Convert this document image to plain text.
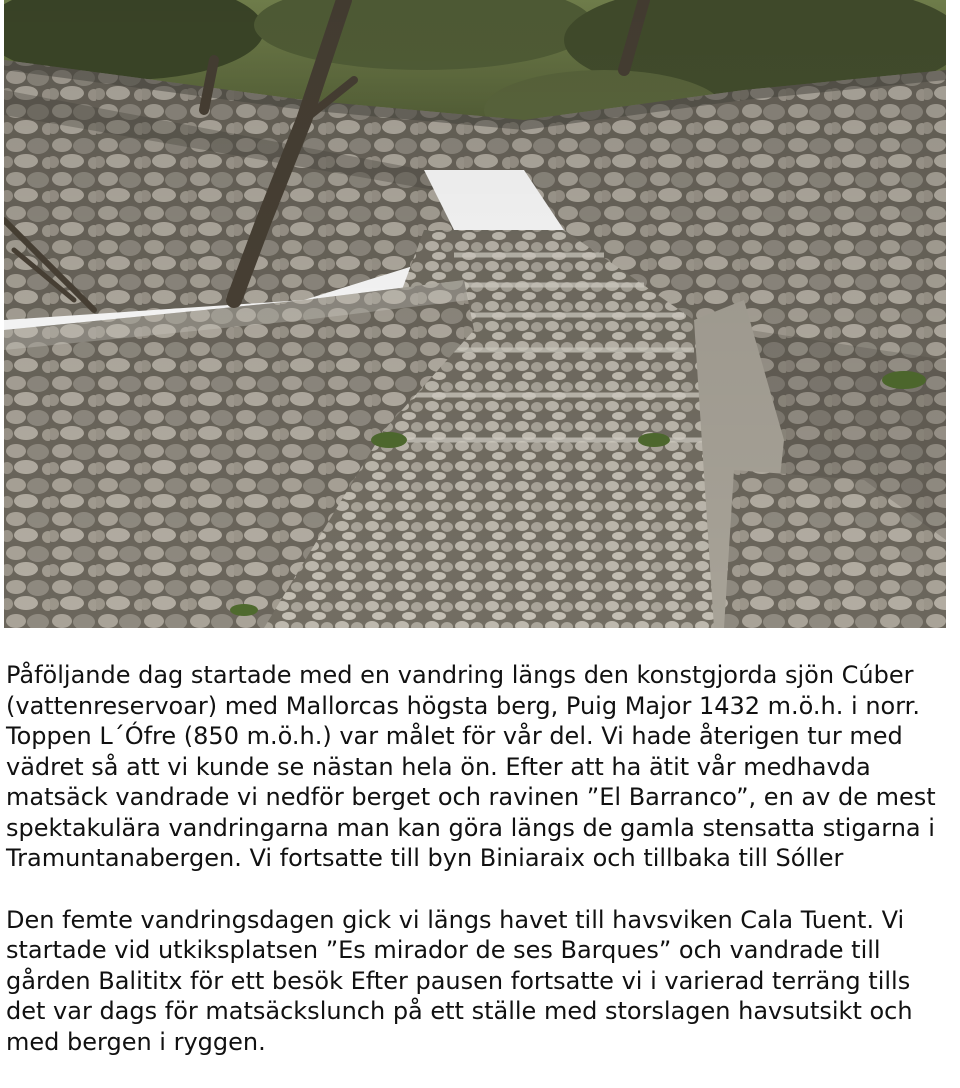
Påföljande dag startade med en vandring längs den konstgjorda sjön Cúber (vattenreservoar) med Mallorcas högsta berg, Puig Major 1432 m.ö.h. i norr. Toppen L´Ófre (850 m.ö.h.) var målet för vår del. Vi hade återigen tur med vädret så att vi kunde se nästan hela ön. Efter att ha ätit vår medhavda matsäck vandrade vi nedför berget och ravinen ”El Barranco”, en av de mest spektakulära vandringarna man kan göra längs de gamla stensatta stigarna i Tramuntanabergen. Vi fortsatte till byn Biniaraix och tillbaka till Sóller

Den femte vandringsdagen gick vi längs havet till havsviken Cala Tuent. Vi startade vid utkiksplatsen ”Es mirador de ses Barques” och vandrade till gården Balititx för ett besök Efter pausen fortsatte vi i varierad terräng tills det var dags för matsäckslunch på ett ställe med storslagen havsutsikt och med bergen i ryggen.
